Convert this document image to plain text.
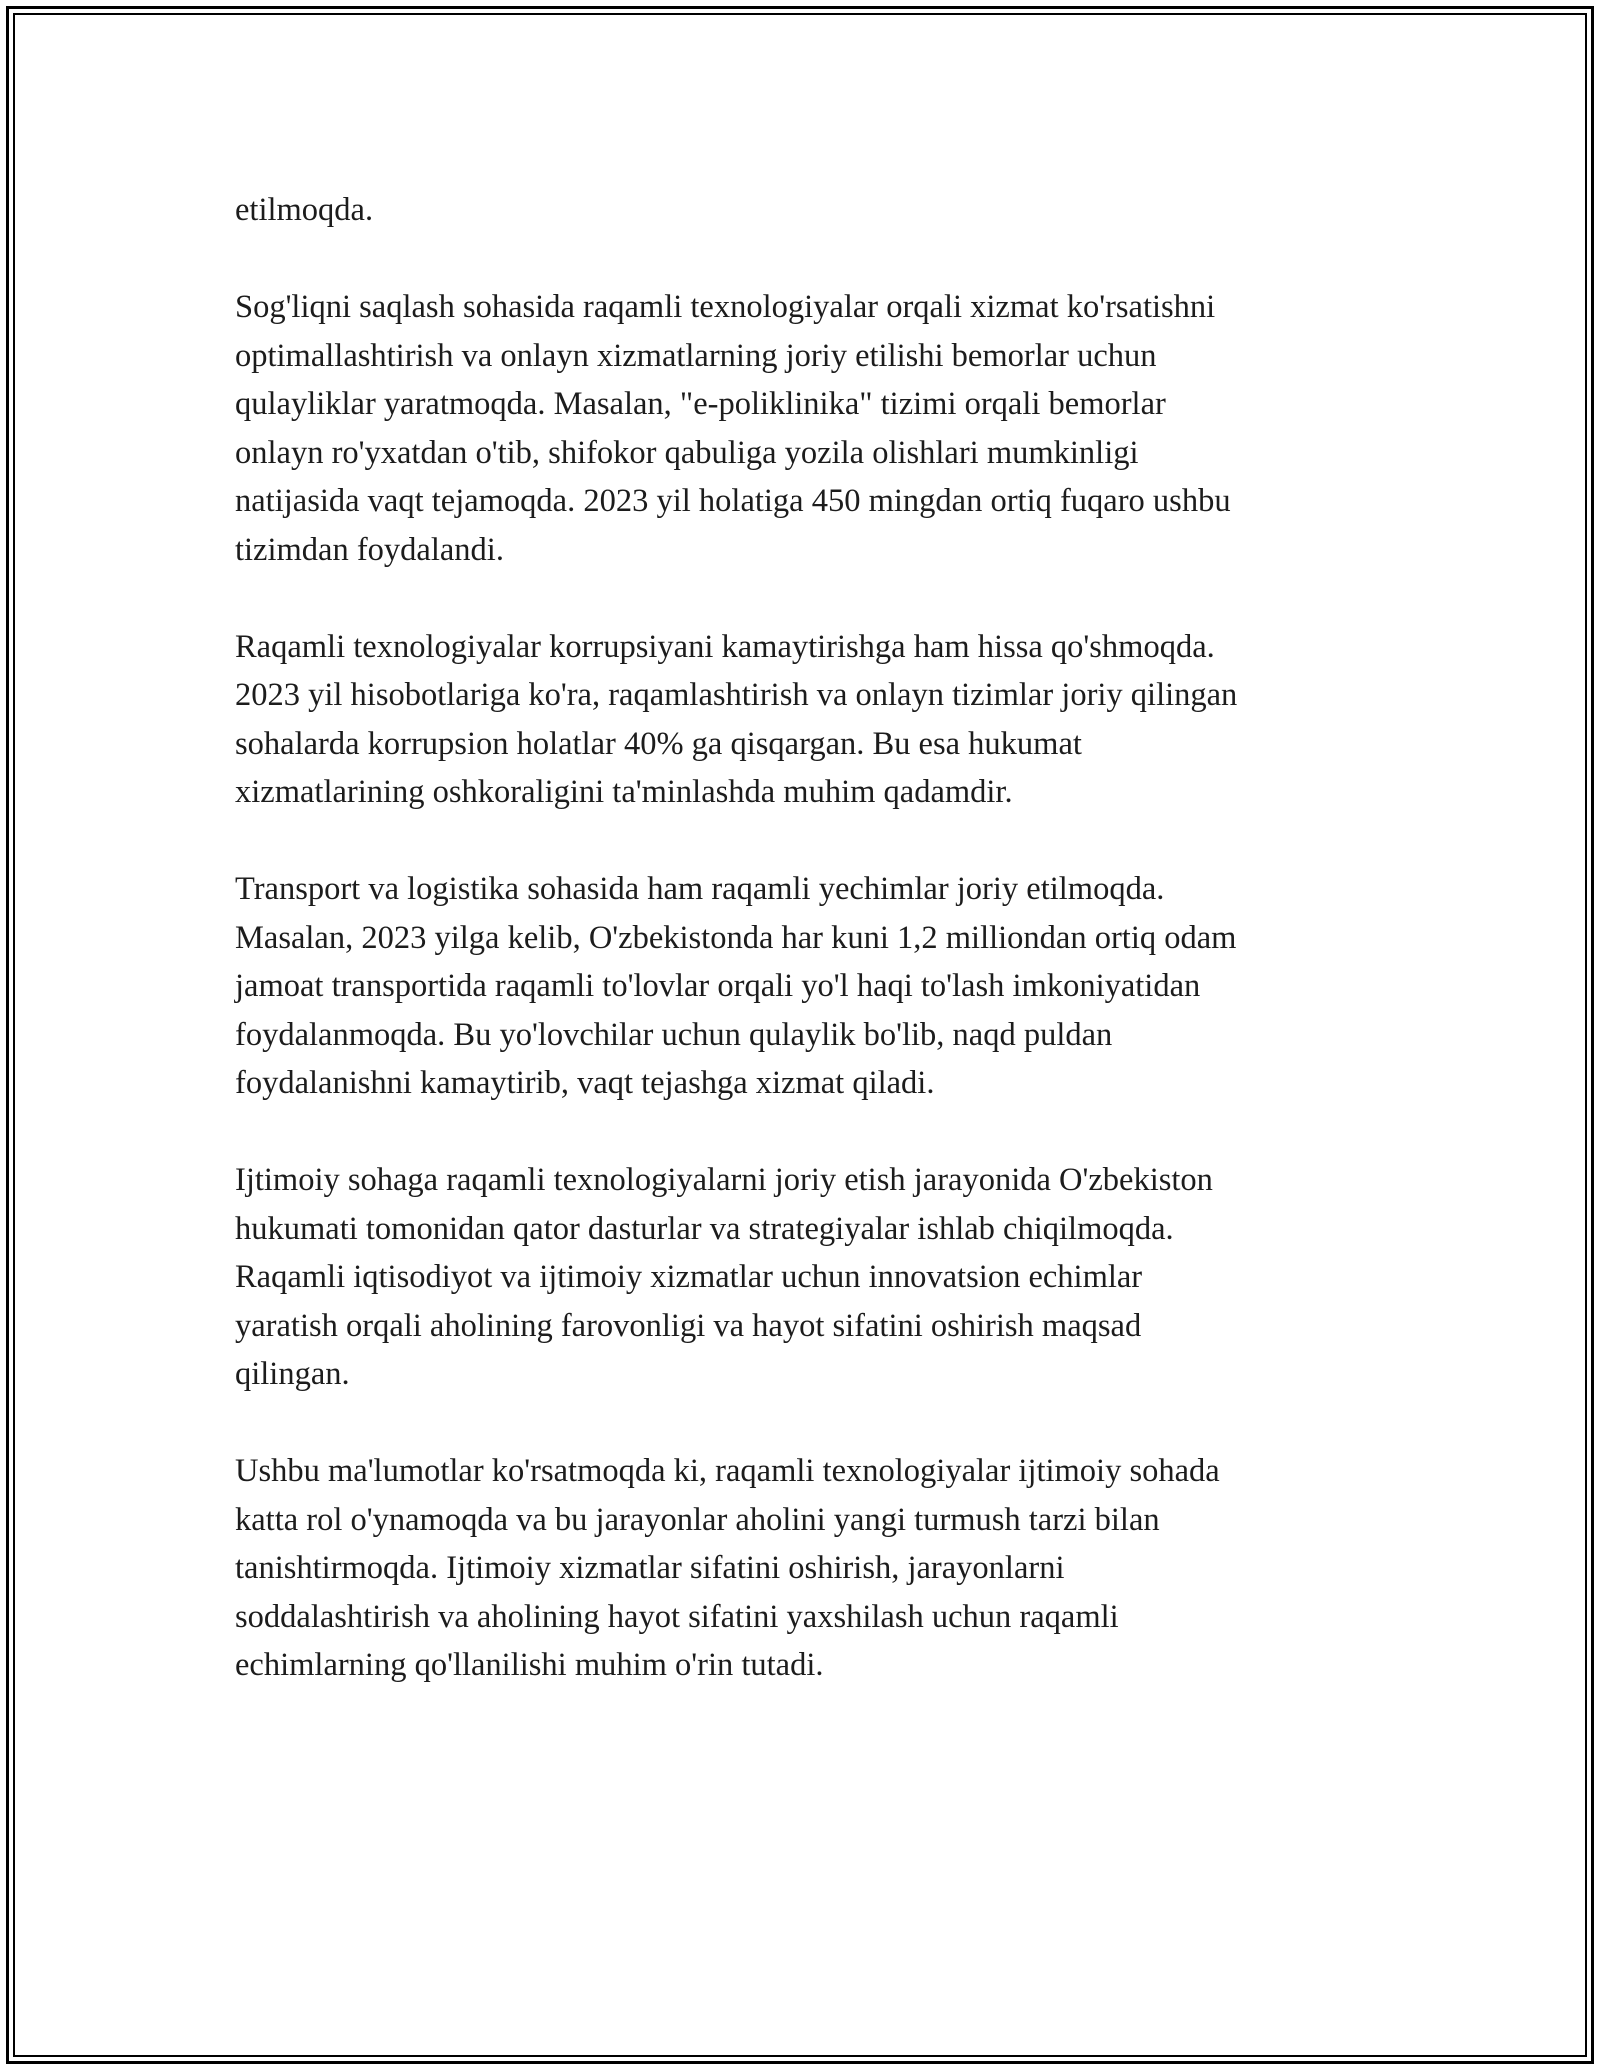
etilmoqda.

Sog'liqni saqlash sohasida raqamli texnologiyalar orqali xizmat ko'rsatishni
optimallashtirish va onlayn xizmatlarning joriy etilishi bemorlar uchun
qulayliklar yaratmoqda. Masalan, "e-poliklinika" tizimi orqali bemorlar
onlayn ro'yxatdan o'tib, shifokor qabuliga yozila olishlari mumkinligi
natijasida vaqt tejamoqda. 2023 yil holatiga 450 mingdan ortiq fuqaro ushbu
tizimdan foydalandi.

Raqamli texnologiyalar korrupsiyani kamaytirishga ham hissa qo'shmoqda.
2023 yil hisobotlariga ko'ra, raqamlashtirish va onlayn tizimlar joriy qilingan
sohalarda korrupsion holatlar 40% ga qisqargan. Bu esa hukumat
xizmatlarining oshkoraligini ta'minlashda muhim qadamdir.

Transport va logistika sohasida ham raqamli yechimlar joriy etilmoqda.
Masalan, 2023 yilga kelib, O'zbekistonda har kuni 1,2 milliondan ortiq odam
jamoat transportida raqamli to'lovlar orqali yo'l haqi to'lash imkoniyatidan
foydalanmoqda. Bu yo'lovchilar uchun qulaylik bo'lib, naqd puldan
foydalanishni kamaytirib, vaqt tejashga xizmat qiladi.

Ijtimoiy sohaga raqamli texnologiyalarni joriy etish jarayonida O'zbekiston
hukumati tomonidan qator dasturlar va strategiyalar ishlab chiqilmoqda.
Raqamli iqtisodiyot va ijtimoiy xizmatlar uchun innovatsion echimlar
yaratish orqali aholining farovonligi va hayot sifatini oshirish maqsad
qilingan.

Ushbu ma'lumotlar ko'rsatmoqda ki, raqamli texnologiyalar ijtimoiy sohada
katta rol o'ynamoqda va bu jarayonlar aholini yangi turmush tarzi bilan
tanishtirmoqda. Ijtimoiy xizmatlar sifatini oshirish, jarayonlarni
soddalashtirish va aholining hayot sifatini yaxshilash uchun raqamli
echimlarning qo'llanilishi muhim o'rin tutadi.
